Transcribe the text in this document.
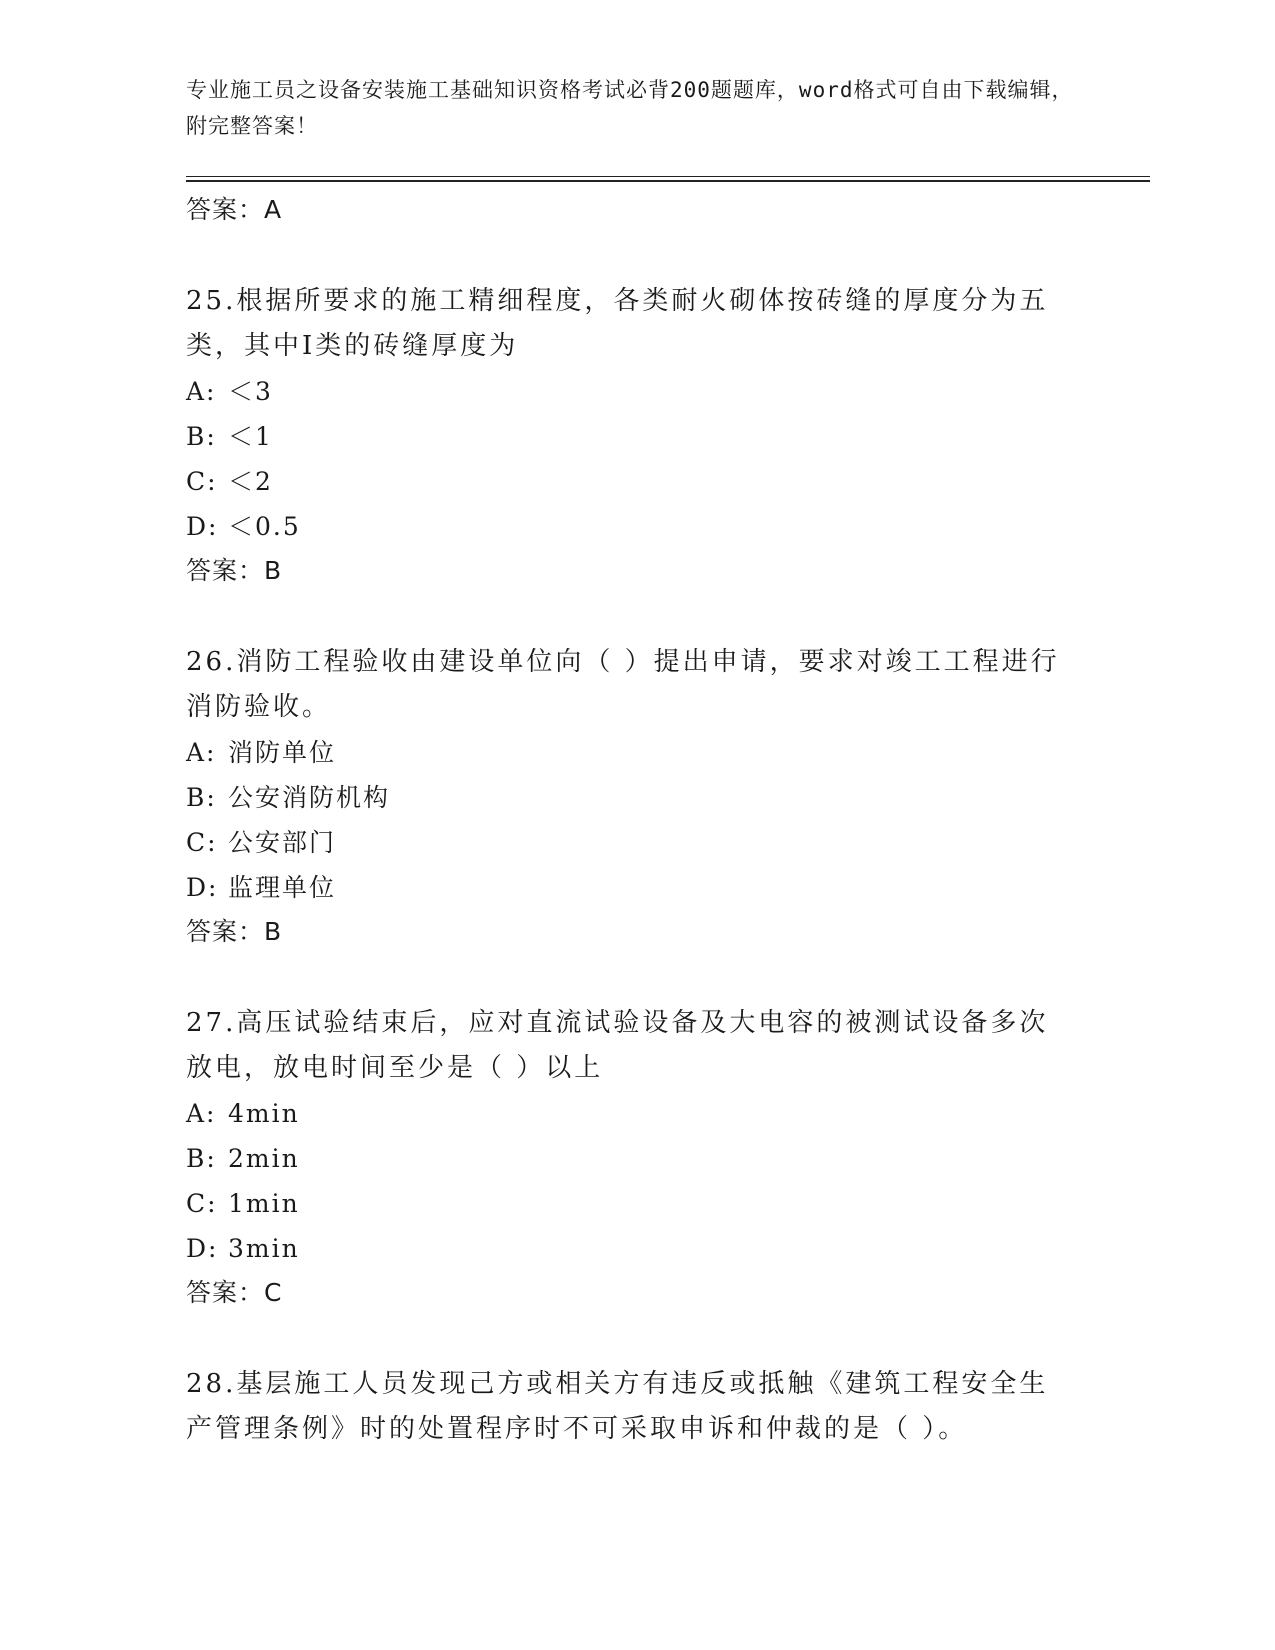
专业施工员之设备安装施工基础知识资格考试必背200题题库，word格式可自由下载编辑，附完整答案！
答案：A
25.根据所要求的施工精细程度，各类耐火砌体按砖缝的厚度分为五类，其中Ⅰ类的砖缝厚度为
A: ＜3
B: ＜1
C: ＜2
D: ＜0.5
答案：B
26.消防工程验收由建设单位向（ ）提出申请，要求对竣工工程进行消防验收。
A: 消防单位
B: 公安消防机构
C: 公安部门
D: 监理单位
答案：B
27.高压试验结束后，应对直流试验设备及大电容的被测试设备多次放电，放电时间至少是（ ）以上
A: 4min
B: 2min
C: 1min
D: 3min
答案：C
28.基层施工人员发现己方或相关方有违反或抵触《建筑工程安全生产管理条例》时的处置程序时不可采取申诉和仲裁的是（ ）。
